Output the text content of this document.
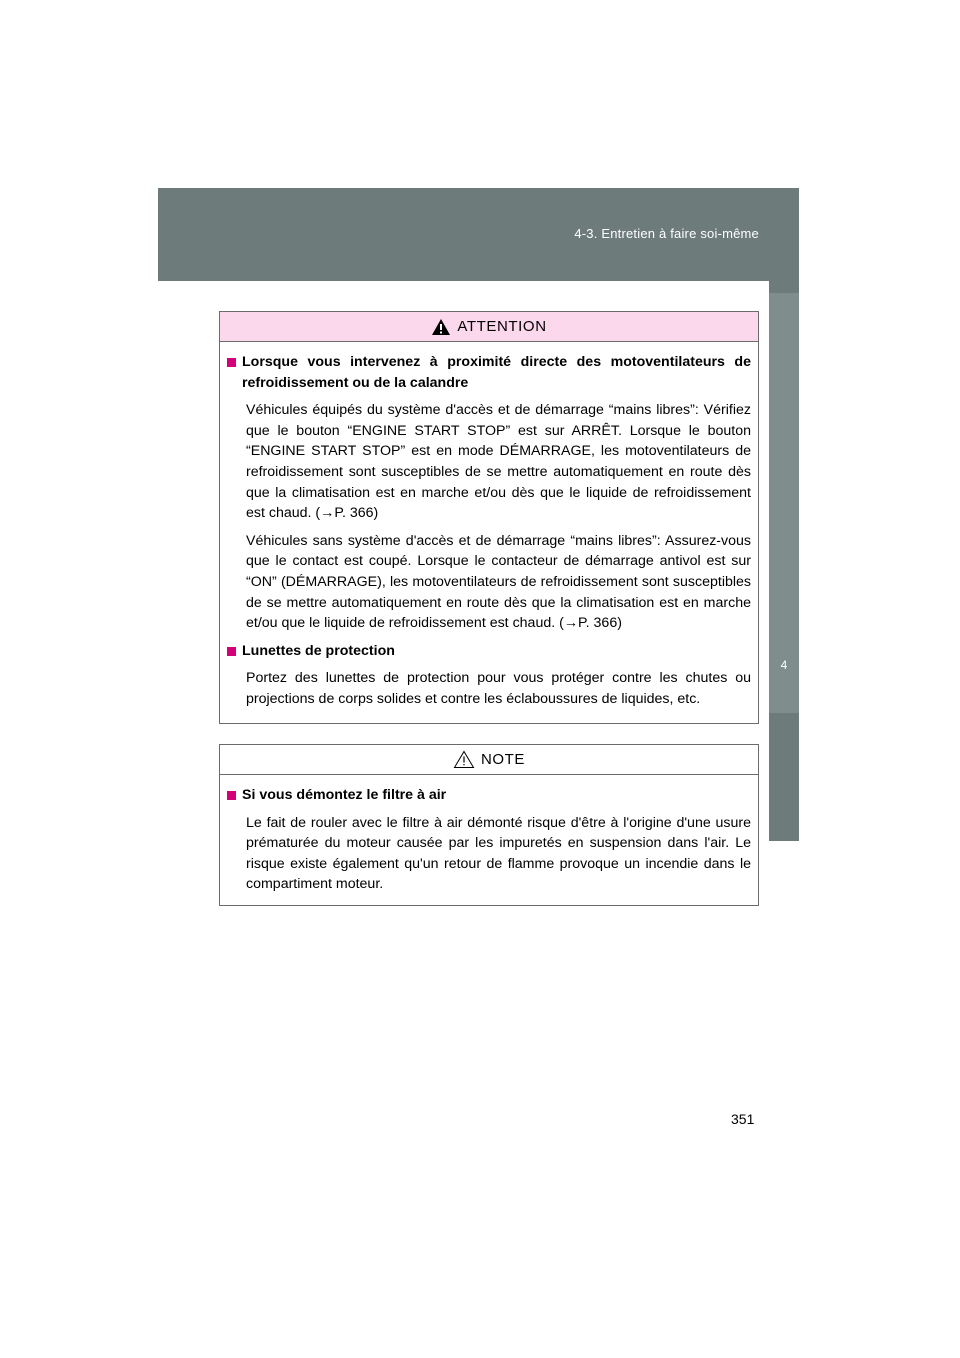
4-3. Entretien à faire soi-même
4
Entretien et soin
ATTENTION
Lorsque vous intervenez à proximité directe des motoventilateurs de refroidissement ou de la calandre

Véhicules équipés du système d'accès et de démarrage “mains libres”: Vérifiez que le bouton “ENGINE START STOP” est sur ARRÊT. Lorsque le bouton “ENGINE START STOP” est en mode DÉMARRAGE, les motoventilateurs de refroidissement sont susceptibles de se mettre automatiquement en route dès que la climatisation est en marche et/ou dès que le liquide de refroidissement est chaud. (→P. 366)

Véhicules sans système d'accès et de démarrage “mains libres”: Assurez-vous que le contact est coupé. Lorsque le contacteur de démarrage antivol est sur “ON” (DÉMARRAGE), les motoventilateurs de refroidissement sont susceptibles de se mettre automatiquement en route dès que la climatisation est en marche et/ou que le liquide de refroidissement est chaud. (→P. 366)

Lunettes de protection

Portez des lunettes de protection pour vous protéger contre les chutes ou projections de corps solides et contre les éclaboussures de liquides, etc.

NOTE
Si vous démontez le filtre à air

Le fait de rouler avec le filtre à air démonté risque d'être à l'origine d'une usure prématurée du moteur causée par les impuretés en suspension dans l'air. Le risque existe également qu'un retour de flamme provoque un incendie dans le compartiment moteur.

351
